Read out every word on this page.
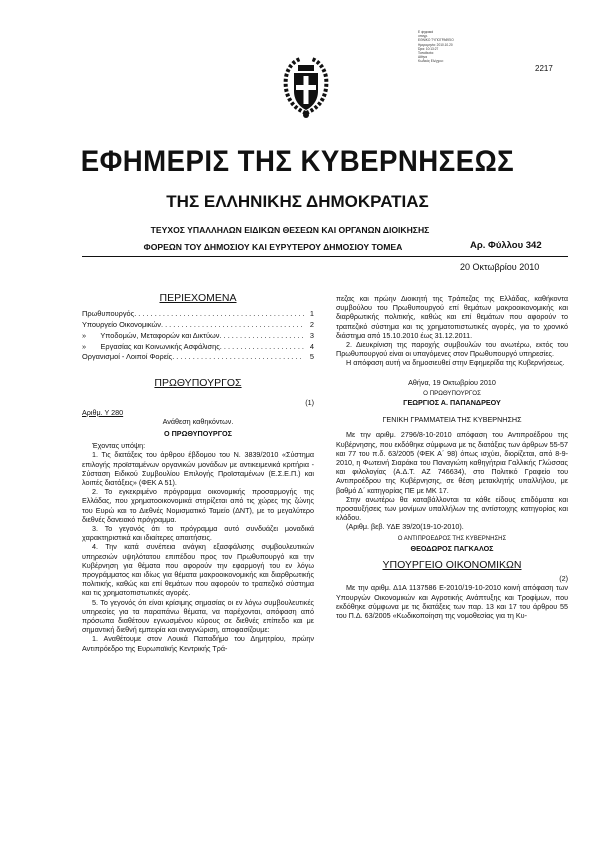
Ε ψηφιακά
υπογρ.
ΕΘΝΙΚΟ ΤΥΠΟΓΡΑΦΕΙΟ
Ημερομηνία: 2010.10.20
Ώρα: 10:13:27
Τοποθεσία:
Αθήνα
Κωδικός Ελέγχου:
2217
ΕΦΗΜΕΡΙΣ ΤΗΣ ΚΥΒΕΡΝΗΣΕΩΣ
ΤΗΣ ΕΛΛΗΝΙΚΗΣ ΔΗΜΟΚΡΑΤΙΑΣ
ΤΕΥΧΟΣ ΥΠΑΛΛΗΛΩΝ ΕΙΔΙΚΩΝ ΘΕΣΕΩΝ ΚΑΙ ΟΡΓΑΝΩΝ ΔΙΟΙΚΗΣΗΣ
ΦΟΡΕΩΝ ΤΟΥ ΔΗΜΟΣΙΟΥ ΚΑΙ ΕΥΡΥΤΕΡΟΥ ΔΗΜΟΣΙΟΥ ΤΟΜΕΑ	Αρ. Φύλλου 342
20 Οκτωβρίου 2010
ΠΕΡΙΕΧΟΜΕΝΑ
Πρωθυπουργός . . .	1
Υπουργείο Οικονομικών . . .	2
»       Υποδομών, Μεταφορών και Δικτύων . . .	3
»       Εργασίας και Κοινωνικής Ασφάλισης . . .	4
Οργανισμοί - Λοιποί Φορείς . . .	5
ΠΡΩΘΥΠΟΥΡΓΟΣ
(1)
Αριθμ. Υ 280
Ανάθεση καθηκόντων.
Ο ΠΡΩΘΥΠΟΥΡΓΟΣ

Έχοντας υπόψη:

1. Τις διατάξεις του άρθρου έβδομου του Ν. 3839/2010 «Σύστημα επιλογής προϊσταμένων οργανικών μονάδων με αντικειμενικά κριτήρια - Σύσταση Ειδικού Συμβουλίου Επιλογής Προϊσταμένων (Ε.Σ.Ε.Π.) και λοιπές διατάξεις» (ΦΕΚ Α 51).

2. Το εγκεκριμένο πρόγραμμα οικονομικής προσαρμογής της Ελλάδας, που χρηματοοικονομικά στηρίζεται από τις χώρες της ζώνης του Ευρώ και το Διεθνές Νομισματικό Ταμείο (ΔΝΤ), με το μεγαλύτερο διεθνές δανειακό πρόγραμμα.

3. Το γεγονός ότι το πρόγραμμα αυτό συνδυάζει μοναδικά χαρακτηριστικά και ιδιαίτερες απαιτήσεις.

4. Την κατά συνέπεια ανάγκη εξασφάλισης συμβουλευτικών υπηρεσιών υψηλότατου επιπέδου προς τον Πρωθυπουργό και την Κυβέρνηση για θέματα που αφορούν την εφαρμογή του εν λόγω προγράμματος και ιδίως για θέματα μακροοικονομικής και διαρθρωτικής πολιτικής, καθώς και επί θεμάτων που αφορούν το τραπεζικό σύστημα και τις χρηματοπιστωτικές αγορές.

5. Το γεγονός ότι είναι κρίσιμης σημασίας οι εν λόγω συμβουλευτικές υπηρεσίες για τα παραπάνω θέματα, να παρέχονται, απόφαση από πρόσωπα διαθέτουν εγνωσμένου κύρους σε διεθνές επίπεδο και με σημαντική διεθνή εμπειρία και αναγνώριση, αποφασίζουμε:

1. Αναθέτουμε στον Λουκά Παπαδήμο του Δημητρίου, πρώην Αντιπρόεδρο της Ευρωπαϊκής Κεντρικής Τρά-

πεζας και πρώην Διοικητή της Τράπεζας της Ελλάδας, καθήκοντα συμβούλου του Πρωθυπουργού επί θεμάτων μακροοικονομικής και διαρθρωτικής πολιτικής, καθώς και επί θεμάτων που αφορούν το τραπεζικό σύστημα και τις χρηματοπιστωτικές αγορές, για το χρονικό διάστημα από 15.10.2010 έως 31.12.2011.

2. Διευκρίνιση της παροχής συμβουλών του ανωτέρω, εκτός του Πρωθυπουργού είναι οι υπαγόμενες στον Πρωθυπουργό υπηρεσίες.

Η απόφαση αυτή να δημοσιευθεί στην Εφημερίδα της Κυβερνήσεως.

Αθήνα, 19 Οκτωβρίου 2010
Ο ΠΡΩΘΥΠΟΥΡΓΟΣ
ΓΕΩΡΓΙΟΣ Α. ΠΑΠΑΝΔΡΕΟΥ
ΓΕΝΙΚΗ ΓΡΑΜΜΑΤΕΙΑ ΤΗΣ ΚΥΒΕΡΝΗΣΗΣ

Με την αριθμ. 2796/8-10-2010 απόφαση του Αντιπροέδρου της Κυβέρνησης, που εκδόθηκε σύμφωνα με τις διατάξεις των άρθρων 55-57 και 77 του π.δ. 63/2005 (ΦΕΚ Α΄ 98) όπως ισχύει, διορίζεται, από 8-9-2010, η Φωτεινή Σιαράκα του Παναγιώτη καθηγήτρια Γαλλικής Γλώσσας και φιλολογίας (Α.Δ.Τ. ΑΖ 746634), στο Πολιτικό Γραφείο του Αντιπροέδρου της Κυβέρνησης, σε θέση μετακλητής υπαλλήλου, με βαθμό Δ΄ κατηγορίας ΠΕ με ΜΚ 17.

Στην ανωτέρω θα καταβάλλονται τα κάθε είδους επιδόματα και προσαυξήσεις των μονίμων υπαλλήλων της αντίστοιχης κατηγορίας και κλάδου.

(Αριθμ. βεβ. ΥΔΕ 39/20(19-10-2010).

Ο ΑΝΤΙΠΡΟΕΔΡΟΣ ΤΗΣ ΚΥΒΕΡΝΗΣΗΣ
ΘΕΟΔΩΡΟΣ ΠΑΓΚΑΛΟΣ
ΥΠΟΥΡΓΕΙΟ ΟΙΚΟΝΟΜΙΚΩΝ
(2)

Με την αριθμ. Δ1Α 1137586 Ε-2010/19-10-2010 κοινή απόφαση των Υπουργών Οικονομικών και Αγροτικής Ανάπτυξης και Τροφίμων, που εκδόθηκε σύμφωνα με τις διατάξεις των παρ. 13 και 17 του άρθρου 55 του Π.Δ. 63/2005 «Κωδικοποίηση της νομοθεσίας για τη Κυ-
